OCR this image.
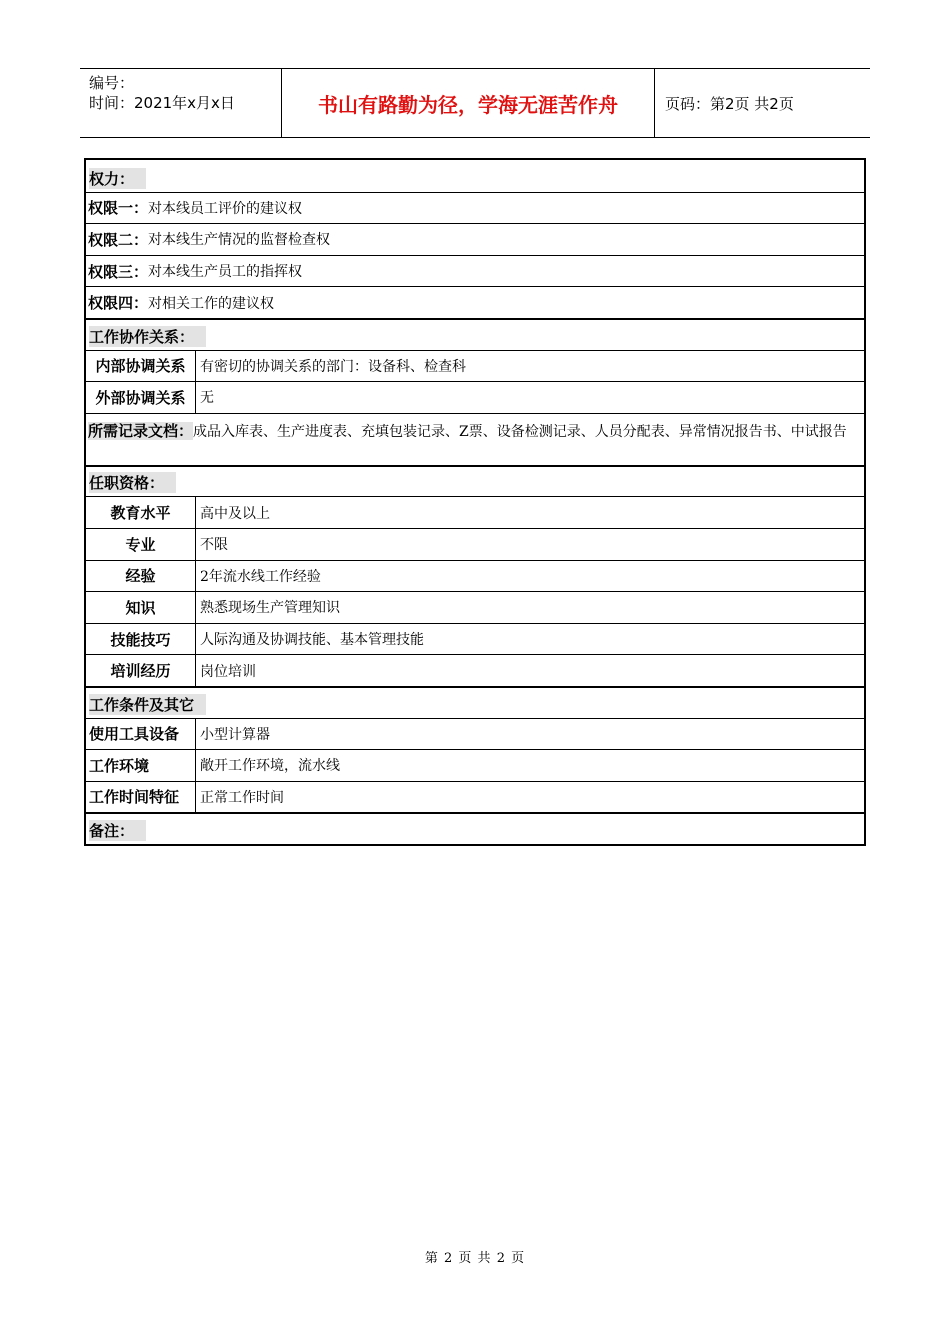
编号：
时间：2021年x月x日	书山有路勤为径，学海无涯苦作舟	页码：第2页 共2页
权力：
权限一： 对本线员工评价的建议权
权限二： 对本线生产情况的监督检查权
权限三： 对本线生产员工的指挥权
权限四： 对相关工作的建议权
工作协作关系：
内部协调关系	有密切的协调关系的部门：设备科、检查科
外部协调关系	无
所需记录文档：成品入库表、生产进度表、充填包装记录、Z票、设备检测记录、人员分配表、异常情况报告书、中试报告
任职资格：
教育水平	高中及以上
专业	不限
经验	2年流水线工作经验
知识	熟悉现场生产管理知识
技能技巧	人际沟通及协调技能、基本管理技能
培训经历	岗位培训
工作条件及其它
使用工具设备	小型计算器
工作环境	敞开工作环境，流水线
工作时间特征	正常工作时间
备注：
第 2 页 共 2 页
